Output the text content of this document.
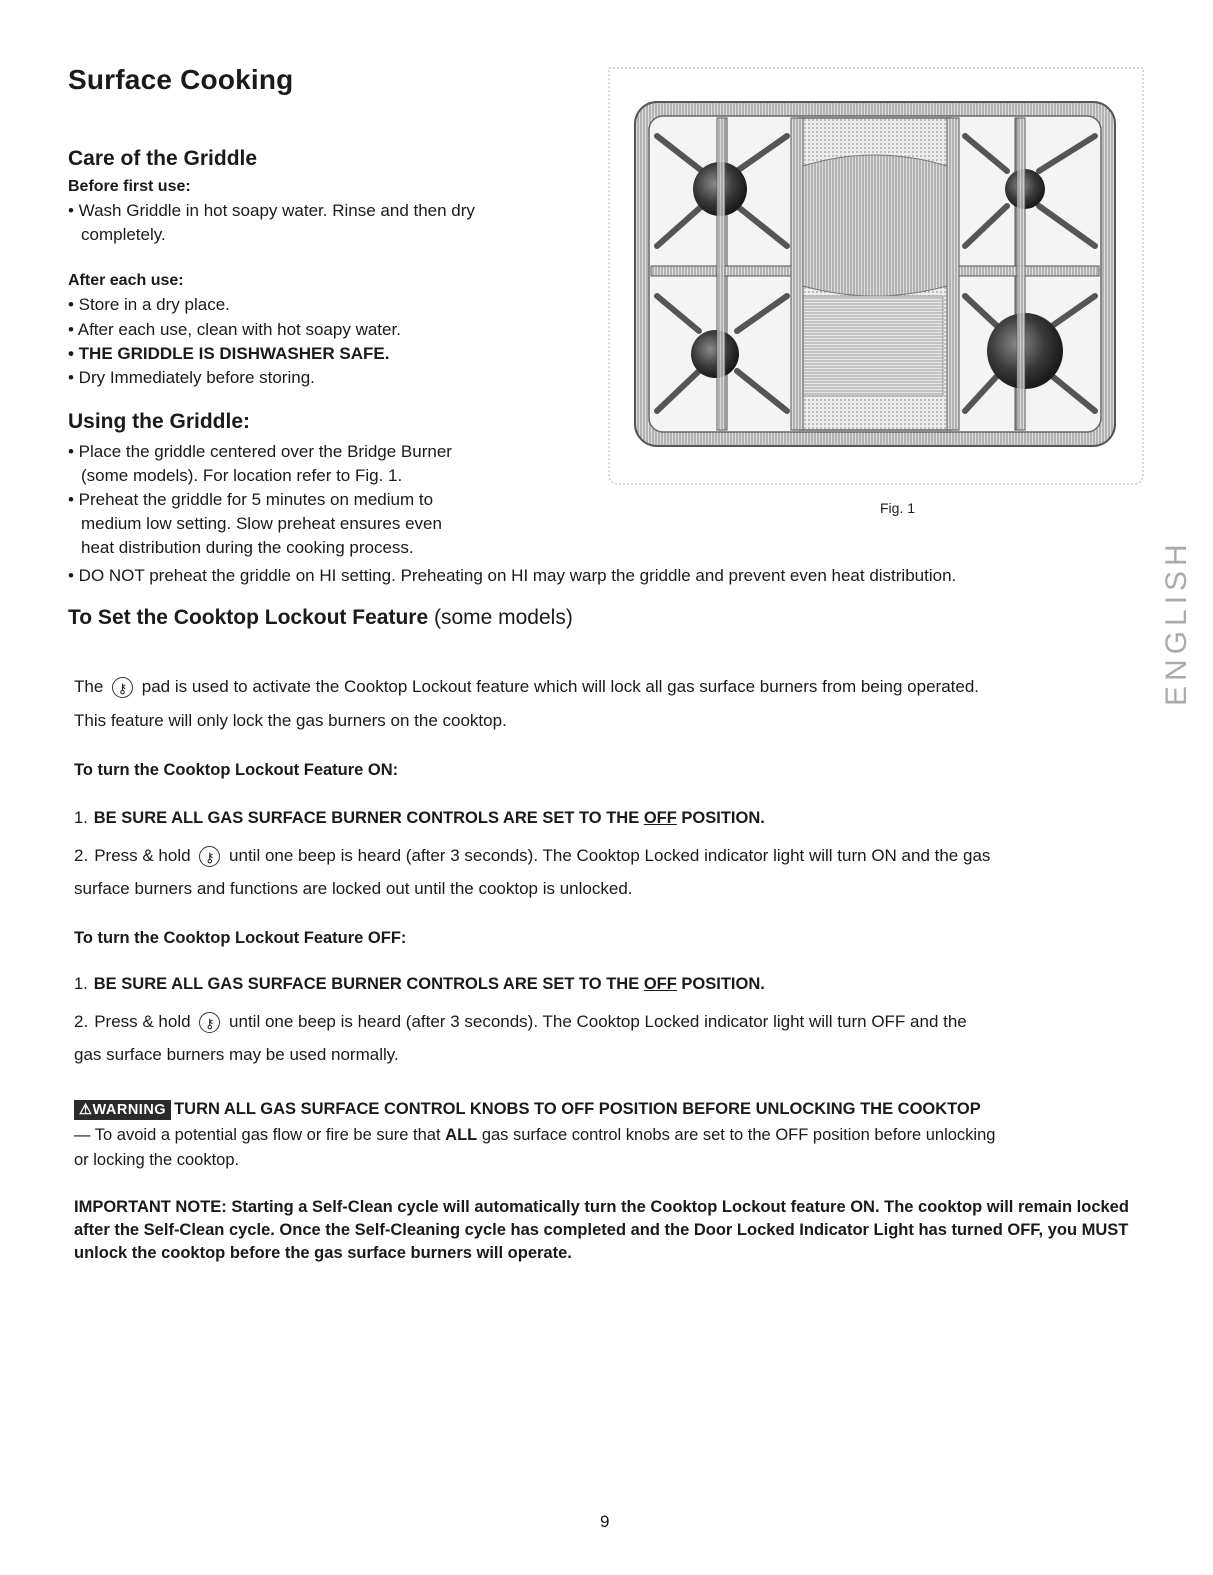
Surface Cooking
Care of the Griddle
Before first use:
• Wash Griddle in hot soapy water. Rinse and then dry
completely.
After each use:
• Store in a dry place.
• After each use, clean with hot soapy water.
• THE GRIDDLE IS DISHWASHER SAFE.
• Dry Immediately before storing.
Using the Griddle:
• Place the griddle centered over the Bridge Burner
(some models). For location refer to Fig. 1.
• Preheat the griddle for 5 minutes on medium to
medium low setting. Slow preheat ensures even
heat distribution during the cooking process.
• DO NOT preheat the griddle on HI setting. Preheating on HI may warp the griddle and prevent even heat distribution.
Fig. 1
ENGLISH
To Set the Cooktop Lockout Feature (some models)
The ⚷ pad is used to activate the Cooktop Lockout feature which will lock all gas surface burners from being operated.
This feature will only lock the gas burners on the cooktop.
To turn the Cooktop Lockout Feature ON:
1. BE SURE ALL GAS SURFACE BURNER CONTROLS ARE SET TO THE OFF POSITION.
2. Press & hold ⚷ until one beep is heard (after 3 seconds). The Cooktop Locked indicator light will turn ON and the gas
surface burners and functions are locked out until the cooktop is unlocked.
To turn the Cooktop Lockout Feature OFF:
1. BE SURE ALL GAS SURFACE BURNER CONTROLS ARE SET TO THE OFF POSITION.
2. Press & hold ⚷ until one beep is heard (after 3 seconds). The Cooktop Locked indicator light will turn OFF and the
gas surface burners may be used normally.
⚠WARNING TURN ALL GAS SURFACE CONTROL KNOBS TO OFF POSITION BEFORE UNLOCKING THE COOKTOP
— To avoid a potential gas flow or fire be sure that ALL gas surface control knobs are set to the OFF position before unlocking
or locking the cooktop.
IMPORTANT NOTE: Starting a Self-Clean cycle will automatically turn the Cooktop Lockout feature ON. The cooktop will remain locked after the Self-Clean cycle. Once the Self-Cleaning cycle has completed and the Door Locked Indicator Light has turned OFF, you MUST unlock the cooktop before the gas surface burners will operate.
9
